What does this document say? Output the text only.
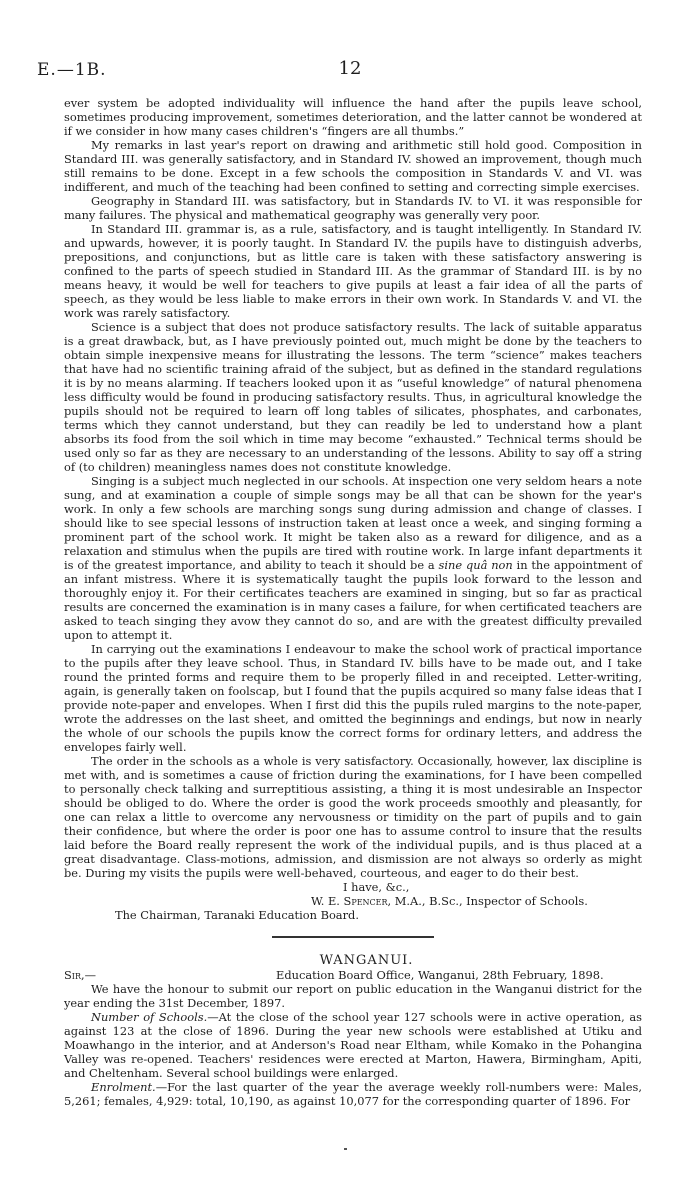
E.—1B.	12

ever system be adopted individuality will influence the hand after the pupils leave school, sometimes producing improvement, sometimes deterioration, and the latter cannot be wondered at if we consider in how many cases children's “fingers are all thumbs.”

My remarks in last year's report on drawing and arithmetic still hold good. Composition in Standard III. was generally satisfactory, and in Standard IV. showed an improvement, though much still remains to be done. Except in a few schools the composition in Standards V. and VI. was indifferent, and much of the teaching had been confined to setting and correcting simple exercises.

Geography in Standard III. was satisfactory, but in Standards IV. to VI. it was responsible for many failures. The physical and mathematical geography was generally very poor.

In Standard III. grammar is, as a rule, satisfactory, and is taught intelligently. In Standard IV. and upwards, however, it is poorly taught. In Standard IV. the pupils have to distinguish adverbs, prepositions, and conjunctions, but as little care is taken with these satisfactory answering is confined to the parts of speech studied in Standard III. As the grammar of Standard III. is by no means heavy, it would be well for teachers to give pupils at least a fair idea of all the parts of speech, as they would be less liable to make errors in their own work. In Standards V. and VI. the work was rarely satisfactory.

Science is a subject that does not produce satisfactory results. The lack of suitable apparatus is a great drawback, but, as I have previously pointed out, much might be done by the teachers to obtain simple inexpensive means for illustrating the lessons. The term “science” makes teachers that have had no scientific training afraid of the subject, but as defined in the standard regulations it is by no means alarming. If teachers looked upon it as “useful knowledge” of natural phenomena less difficulty would be found in producing satisfactory results. Thus, in agricultural knowledge the pupils should not be required to learn off long tables of silicates, phosphates, and carbonates, terms which they cannot understand, but they can readily be led to understand how a plant absorbs its food from the soil which in time may become “exhausted.” Technical terms should be used only so far as they are necessary to an understanding of the lessons. Ability to say off a string of (to children) meaningless names does not constitute knowledge.

Singing is a subject much neglected in our schools. At inspection one very seldom hears a note sung, and at examination a couple of simple songs may be all that can be shown for the year's work. In only a few schools are marching songs sung during admission and change of classes. I should like to see special lessons of instruction taken at least once a week, and singing forming a prominent part of the school work. It might be taken also as a reward for diligence, and as a relaxation and stimulus when the pupils are tired with routine work. In large infant departments it is of the greatest importance, and ability to teach it should be a sine quâ non in the appointment of an infant mistress. Where it is systematically taught the pupils look forward to the lesson and thoroughly enjoy it. For their certificates teachers are examined in singing, but so far as practical results are concerned the examination is in many cases a failure, for when certificated teachers are asked to teach singing they avow they cannot do so, and are with the greatest difficulty prevailed upon to attempt it.

In carrying out the examinations I endeavour to make the school work of practical importance to the pupils after they leave school. Thus, in Standard IV. bills have to be made out, and I take round the printed forms and require them to be properly filled in and receipted. Letter-writing, again, is generally taken on foolscap, but I found that the pupils acquired so many false ideas that I provide note-paper and envelopes. When I first did this the pupils ruled margins to the note-paper, wrote the addresses on the last sheet, and omitted the beginnings and endings, but now in nearly the whole of our schools the pupils know the correct forms for ordinary letters, and address the envelopes fairly well.

The order in the schools as a whole is very satisfactory. Occasionally, however, lax discipline is met with, and is sometimes a cause of friction during the examinations, for I have been compelled to personally check talking and surreptitious assisting, a thing it is most undesirable an Inspector should be obliged to do. Where the order is good the work proceeds smoothly and pleasantly, for one can relax a little to overcome any nervousness or timidity on the part of pupils and to gain their confidence, but where the order is poor one has to assume control to insure that the results laid before the Board really represent the work of the individual pupils, and is thus placed at a great disadvantage. Class-motions, admission, and dismission are not always so orderly as might be. During my visits the pupils were well-behaved, courteous, and eager to do their best.

I have, &c.,

W. E. Spencer, M.A., B.Sc., Inspector of Schools.

The Chairman, Taranaki Education Board.

WANGANUI.

Sir,—	Education Board Office, Wanganui, 28th February, 1898.

We have the honour to submit our report on public education in the Wanganui district for the year ending the 31st December, 1897.

Number of Schools.—At the close of the school year 127 schools were in active operation, as against 123 at the close of 1896. During the year new schools were established at Utiku and Moawhango in the interior, and at Anderson's Road near Eltham, while Komako in the Pohangina Valley was re-opened. Teachers' residences were erected at Marton, Hawera, Birmingham, Apiti, and Cheltenham. Several school buildings were enlarged.

Enrolment.—For the last quarter of the year the average weekly roll-numbers were: Males, 5,261; females, 4,929: total, 10,190, as against 10,077 for the corresponding quarter of 1896. For
